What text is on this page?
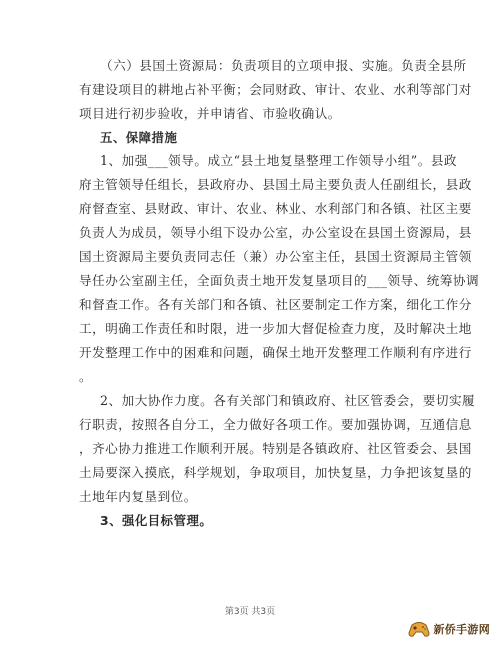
（六）县国土资源局：负责项目的立项申报、实施。负责全县所
有建设项目的耕地占补平衡；会同财政、审计、农业、水利等部门对
项目进行初步验收，并申请省、市验收确认。
五、保障措施
1、加强___领导。成立“县土地复垦整理工作领导小组”。县政
府主管领导任组长，县政府办、县国土局主要负责人任副组长，县政
府督查室、县财政、审计、农业、林业、水利部门和各镇、社区主要
负责人为成员，领导小组下设办公室，办公室设在县国土资源局，县
国土资源局主要负责同志任（兼）办公室主任，县国土资源局主管领
导任办公室副主任，全面负责土地开发复垦项目的___领导、统筹协调
和督查工作。各有关部门和各镇、社区要制定工作方案，细化工作分
工，明确工作责任和时限，进一步加大督促检查力度，及时解决土地
开发整理工作中的困难和问题，确保土地开发整理工作顺利有序进行
。
2、加大协作力度。各有关部门和镇政府、社区管委会，要切实履
行职责，按照各自分工，全力做好各项工作。要加强协调，互通信息
，齐心协力推进工作顺利开展。特别是各镇政府、社区管委会、县国
土局要深入摸底，科学规划，争取项目，加快复垦，力争把该复垦的
土地年内复垦到位。
3、强化目标管理。
第3页 共3页
新侨手游网
